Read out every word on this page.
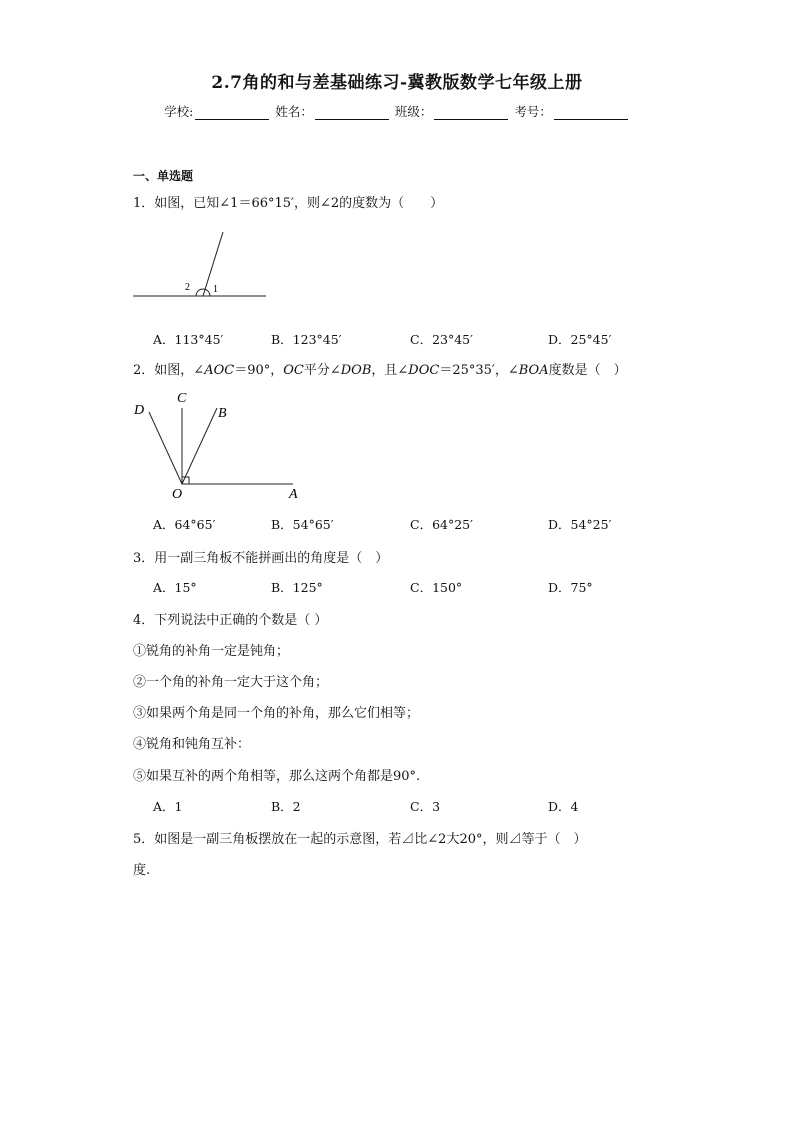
2.7角的和与差基础练习-冀教版数学七年级上册
学校:	姓名：	班级：	考号：
一、单选题
1．如图，已知∠1＝66°15′，则∠2的度数为（　　）
2 1
A．113°45′	B．123°45′	C．23°45′	D．25°45′
2．如图，∠AOC＝90°，OC平分∠DOB，且∠DOC＝25°35′，∠BOA度数是（　）
C
D	B
O	A
A．64°65′	B．54°65′	C．64°25′	D．54°25′
3．用一副三角板不能拼画出的角度是（　）
A．15°	B．125°	C．150°	D．75°
4．下列说法中正确的个数是（ ）
①锐角的补角一定是钝角；
②一个角的补角一定大于这个角；
③如果两个角是同一个角的补角，那么它们相等；
④锐角和钝角互补：
⑤如果互补的两个角相等，那么这两个角都是90°.
A．1	B．2	C．3	D．4
5．如图是一副三角板摆放在一起的示意图，若⊿比∠2大20°，则⊿等于（　）
度.
